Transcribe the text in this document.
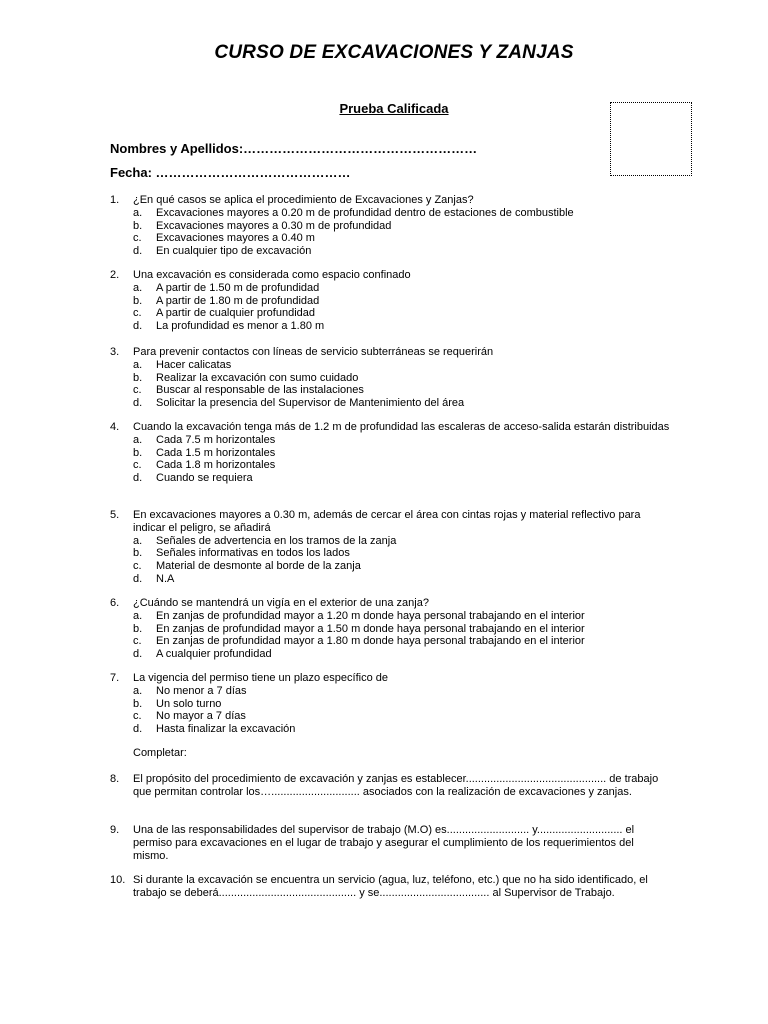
CURSO DE EXCAVACIONES Y ZANJAS
Prueba Calificada
Nombres y Apellidos:………………………………………………
Fecha: ………………………………………
1. ¿En qué casos se aplica el procedimiento de Excavaciones y Zanjas?
a. Excavaciones mayores a 0.20 m de profundidad dentro de estaciones de combustible
b. Excavaciones mayores a 0.30 m de profundidad
c. Excavaciones mayores a 0.40 m
d. En cualquier tipo de excavación
2. Una excavación es considerada como espacio confinado
a. A partir de 1.50 m de profundidad
b. A partir de 1.80 m de profundidad
c. A partir de cualquier profundidad
d. La profundidad es menor a 1.80 m
3. Para prevenir contactos con líneas de servicio subterráneas se requerirán
a. Hacer calicatas
b. Realizar la excavación con sumo cuidado
c. Buscar al responsable de las instalaciones
d. Solicitar la presencia del Supervisor de Mantenimiento del área
4. Cuando la excavación tenga más de 1.2 m de profundidad las escaleras de acceso-salida estarán distribuidas
a. Cada 7.5 m horizontales
b. Cada 1.5 m horizontales
c. Cada 1.8 m horizontales
d. Cuando se requiera
5. En excavaciones mayores a 0.30 m, además de cercar el área con cintas rojas y material reflectivo para indicar el peligro, se añadirá
a. Señales de advertencia en los tramos de la zanja
b. Señales informativas en todos los lados
c. Material de desmonte al borde de la zanja
d. N.A
6. ¿Cuándo se mantendrá un vigía en el exterior de una zanja?
a. En zanjas de profundidad mayor a 1.20 m donde haya personal trabajando en el interior
b. En zanjas de profundidad mayor a 1.50 m donde haya personal trabajando en el interior
c. En zanjas de profundidad mayor a 1.80 m donde haya personal trabajando en el interior
d. A cualquier profundidad
7. La vigencia del permiso tiene un plazo específico de
a. No menor a 7 días
b. Un solo turno
c. No mayor a 7 días
d. Hasta finalizar la excavación
Completar:
8. El propósito del procedimiento de excavación y zanjas es establecer.............................................. de trabajo que permitan controlar los…............................. asociados con la realización de excavaciones y zanjas.
9. Una de las responsabilidades del supervisor de trabajo (M.O) es........................... y............................ el permiso para excavaciones en el lugar de trabajo y asegurar el cumplimiento de los requerimientos del mismo.
10. Si durante la excavación se encuentra un servicio (agua, luz, teléfono, etc.) que no ha sido identificado, el trabajo se deberá............................................. y se.................................... al Supervisor de Trabajo.
